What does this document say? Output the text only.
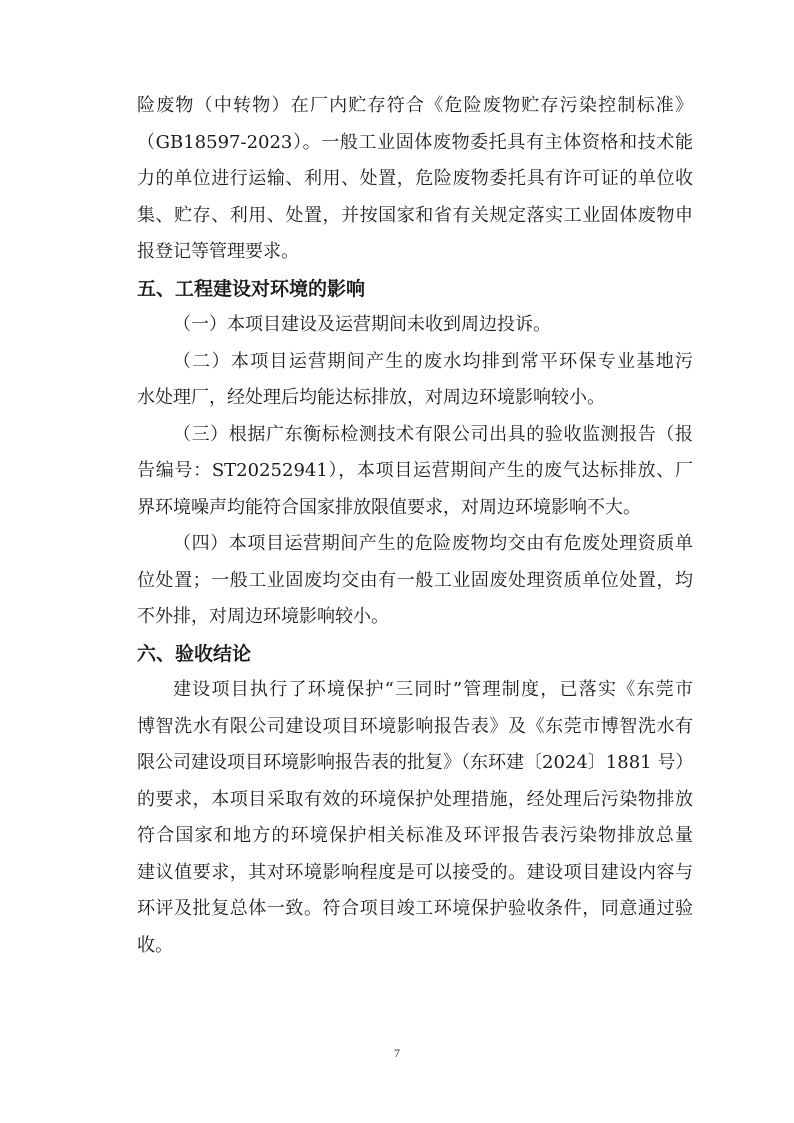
险废物（中转物）在厂内贮存符合《危险废物贮存污染控制标准》
（GB18597-2023）。一般工业固体废物委托具有主体资格和技术能
力的单位进行运输、利用、处置，危险废物委托具有许可证的单位收
集、贮存、利用、处置，并按国家和省有关规定落实工业固体废物申
报登记等管理要求。
五、工程建设对环境的影响
（一）本项目建设及运营期间未收到周边投诉。
（二）本项目运营期间产生的废水均排到常平环保专业基地污
水处理厂，经处理后均能达标排放，对周边环境影响较小。
（三）根据广东衡标检测技术有限公司出具的验收监测报告（报
告编号：ST20252941），本项目运营期间产生的废气达标排放、厂
界环境噪声均能符合国家排放限值要求，对周边环境影响不大。
（四）本项目运营期间产生的危险废物均交由有危废处理资质单
位处置；一般工业固废均交由有一般工业固废处理资质单位处置，均
不外排，对周边环境影响较小。
六、验收结论
建设项目执行了环境保护“三同时”管理制度，已落实《东莞市
博智洗水有限公司建设项目环境影响报告表》及《东莞市博智洗水有
限公司建设项目环境影响报告表的批复》（东环建〔2024〕1881 号）
的要求，本项目采取有效的环境保护处理措施，经处理后污染物排放
符合国家和地方的环境保护相关标准及环评报告表污染物排放总量
建议值要求，其对环境影响程度是可以接受的。建设项目建设内容与
环评及批复总体一致。符合项目竣工环境保护验收条件，同意通过验
收。
7
